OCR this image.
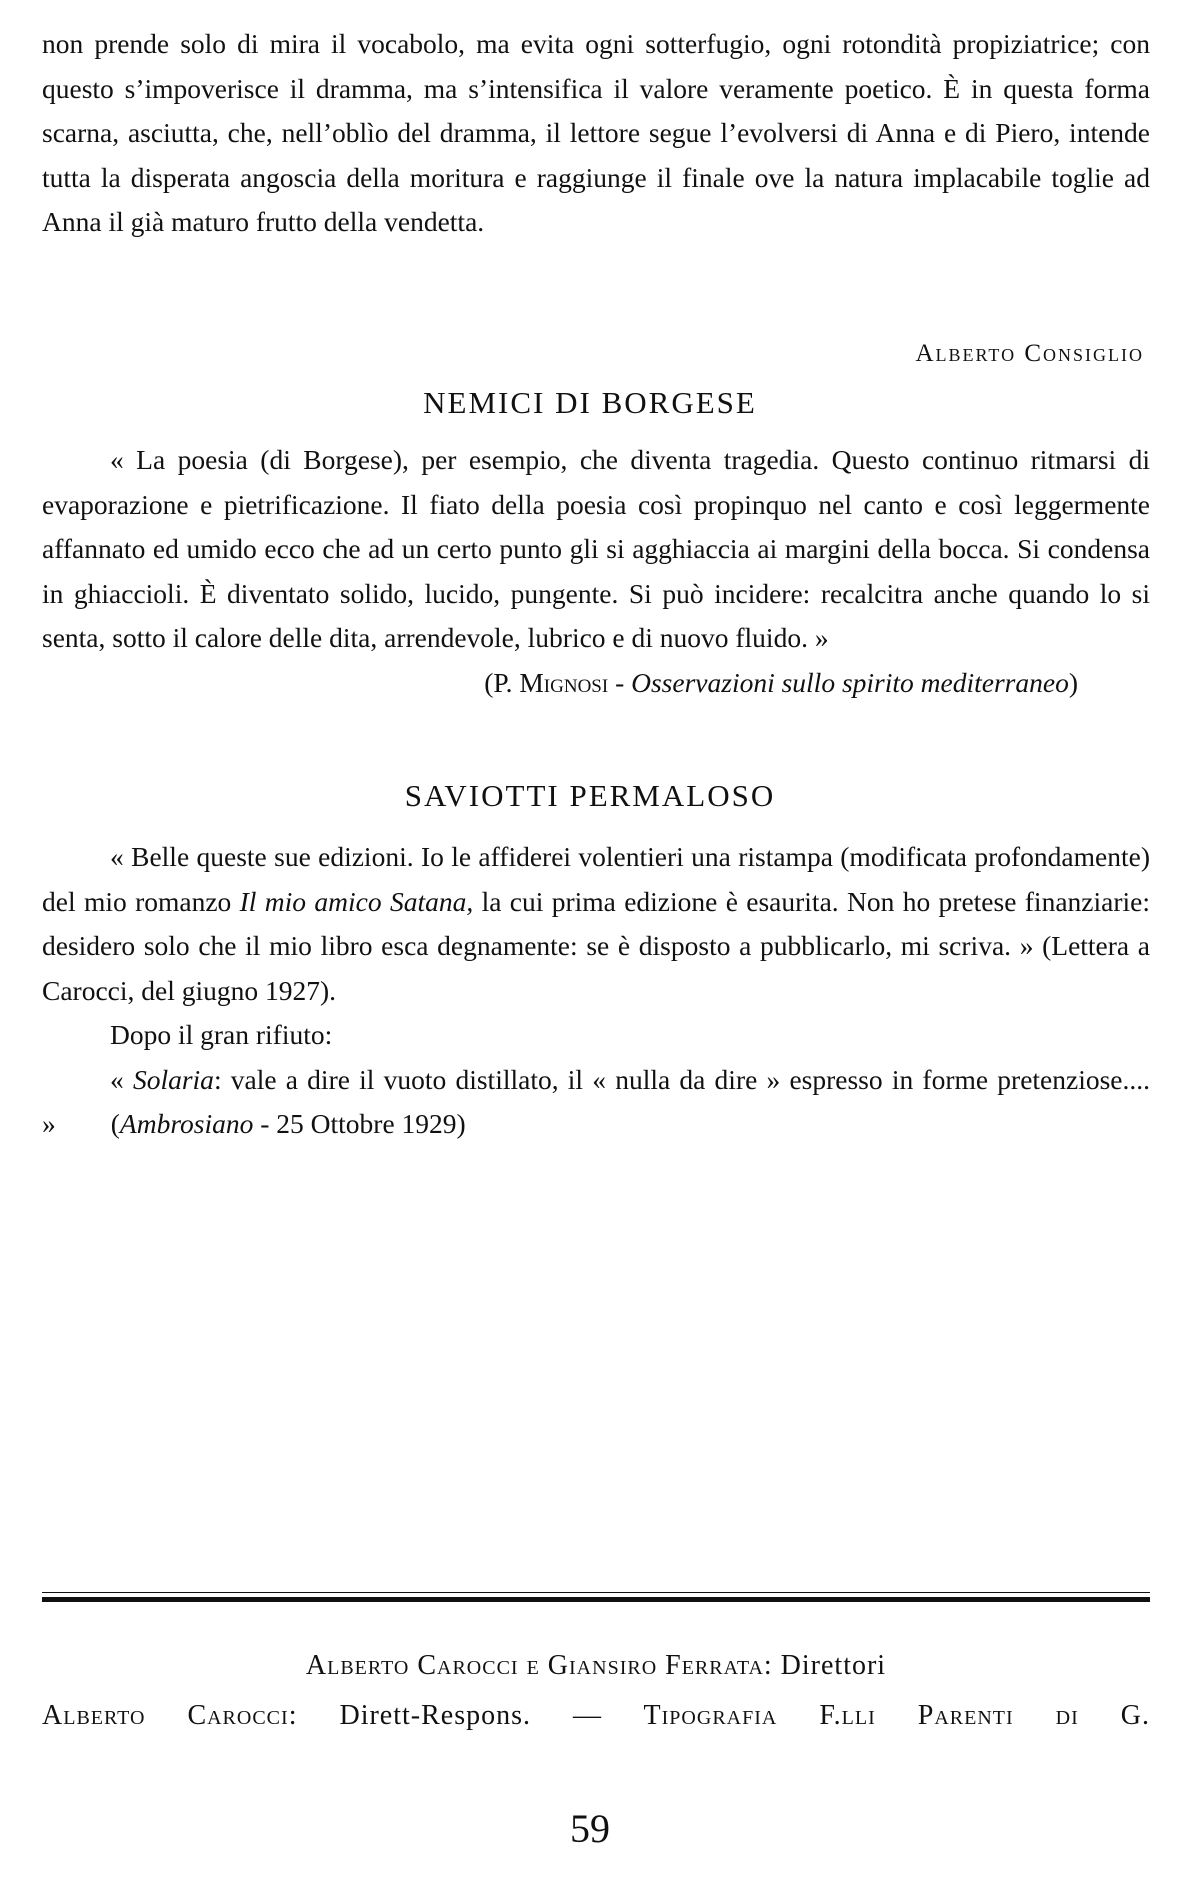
non prende solo di mira il vocabolo, ma evita ogni sotterfugio, ogni rotondità propiziatrice; con questo s’impoverisce il dramma, ma s’intensifica il valore veramente poetico. È in questa forma scarna, asciutta, che, nell’oblìo del dramma, il lettore segue l’evolversi di Anna e di Piero, intende tutta la disperata angoscia della moritura e raggiunge il finale ove la natura implacabile toglie ad Anna il già maturo frutto della vendetta.

Alberto Consiglio
NEMICI DI BORGESE

« La poesia (di Borgese), per esempio, che diventa tragedia. Questo continuo ritmarsi di evaporazione e pietrificazione. Il fiato della poesia così propinquo nel canto e così leggermente affannato ed umido ecco che ad un certo punto gli si agghiaccia ai margini della bocca. Si condensa in ghiaccioli. È diventato solido, lucido, pungente. Si può incidere: recalcitra anche quando lo si senta, sotto il calore delle dita, arrendevole, lubrico e di nuovo fluido. »

(P. Mignosi - Osservazioni sullo spirito mediterraneo)

SAVIOTTI PERMALOSO

« Belle queste sue edizioni. Io le affiderei volentieri una ristampa (modificata profondamente) del mio romanzo Il mio amico Satana, la cui prima edizione è esaurita. Non ho pretese finanziarie: desidero solo che il mio libro esca degnamente: se è disposto a pubblicarlo, mi scriva. » (Lettera a Carocci, del giugno 1927).

Dopo il gran rifiuto:

« Solaria: vale a dire il vuoto distillato, il « nulla da dire » espresso in forme pretenziose.... » (Ambrosiano - 25 Ottobre 1929)

Alberto Carocci e Giansiro Ferrata: Direttori
Alberto Carocci: Dirett-Respons. — Tipografia F.lli Parenti di G.
59
